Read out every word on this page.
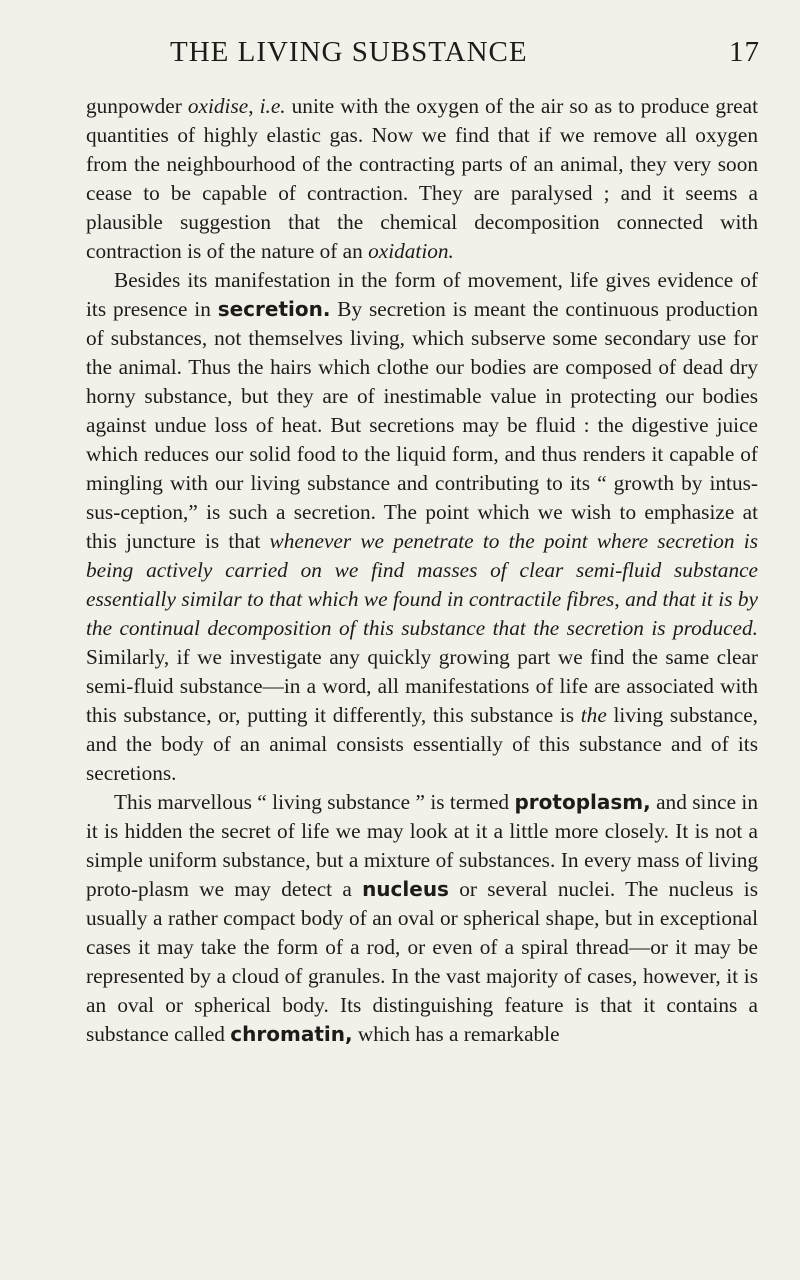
THE LIVING SUBSTANCE	17

gunpowder oxidise, i.e. unite with the oxygen of the air so as to produce great quantities of highly elastic gas. Now we find that if we remove all oxygen from the neighbourhood of the contracting parts of an animal, they very soon cease to be capable of contraction. They are paralysed ; and it seems a plausible suggestion that the chemical decomposition connected with contraction is of the nature of an oxidation.

Besides its manifestation in the form of movement, life gives evidence of its presence in secretion. By secretion is meant the continuous production of substances, not themselves living, which subserve some secondary use for the animal. Thus the hairs which clothe our bodies are composed of dead dry horny substance, but they are of inestimable value in protecting our bodies against undue loss of heat. But secretions may be fluid : the digestive juice which reduces our solid food to the liquid form, and thus renders it capable of mingling with our living substance and contributing to its “ growth by intus-sus-ception,” is such a secretion. The point which we wish to emphasize at this juncture is that whenever we penetrate to the point where secretion is being actively carried on we find masses of clear semi-fluid substance essentially similar to that which we found in contractile fibres, and that it is by the continual decomposition of this substance that the secretion is produced. Similarly, if we investigate any quickly growing part we find the same clear semi-fluid substance—in a word, all manifestations of life are associated with this substance, or, putting it differently, this substance is the living substance, and the body of an animal consists essentially of this substance and of its secretions.

This marvellous “ living substance ” is termed protoplasm, and since in it is hidden the secret of life we may look at it a little more closely. It is not a simple uniform substance, but a mixture of substances. In every mass of living proto-plasm we may detect a nucleus or several nuclei. The nucleus is usually a rather compact body of an oval or spherical shape, but in exceptional cases it may take the form of a rod, or even of a spiral thread—or it may be represented by a cloud of granules. In the vast majority of cases, however, it is an oval or spherical body. Its distinguishing feature is that it contains a substance called chromatin, which has a remarkable
